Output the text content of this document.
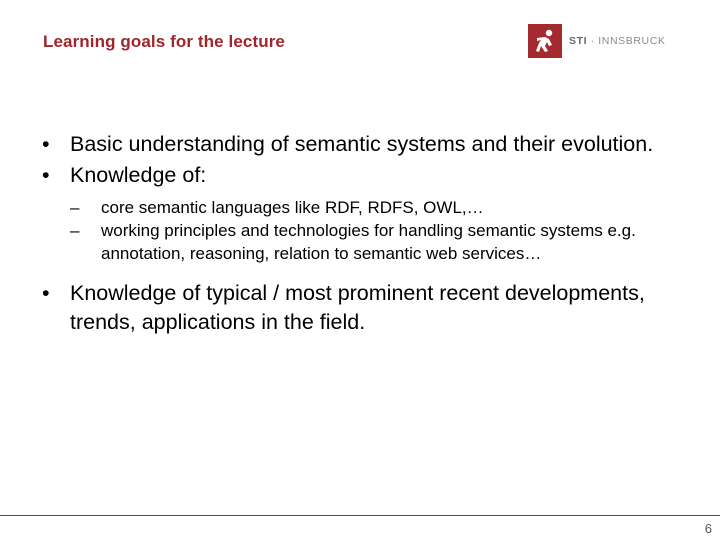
Learning goals for the lecture	STI · INNSBRUCK
• Basic understanding of semantic systems and their evolution.
• Knowledge of:
–	core semantic languages like RDF, RDFS, OWL,…
–	working principles and technologies for handling semantic systems e.g. annotation, reasoning, relation to semantic web services…
• Knowledge of typical / most prominent recent developments, trends, applications in the field.
6
